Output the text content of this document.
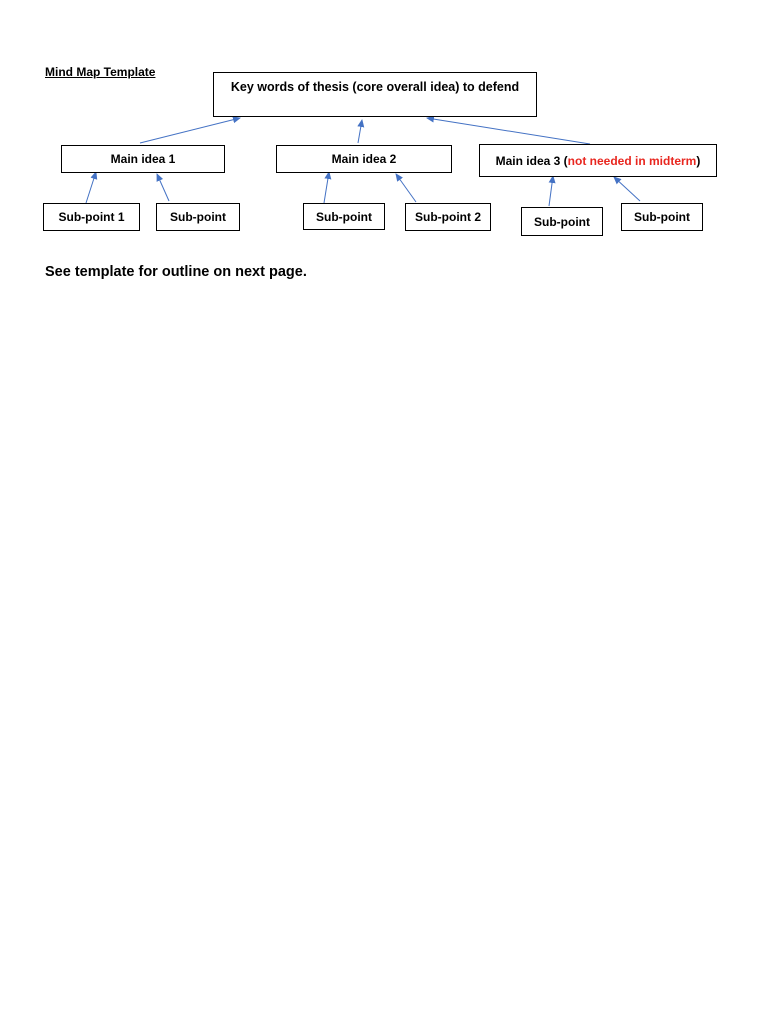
Mind Map Template
Key words of thesis (core overall idea) to defend
Main idea 1	Main idea 2	Main idea 3 (not needed in midterm)
Sub-point 1	Sub-point	Sub-point	Sub-point 2	Sub-point	Sub-point
See template for outline on next page.
